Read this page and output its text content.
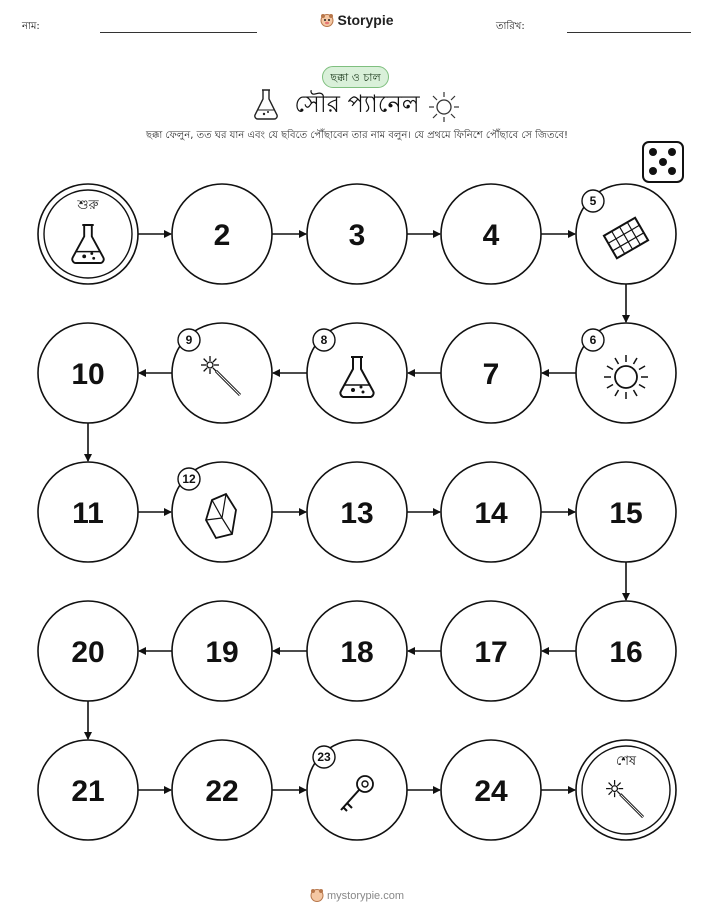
নাম:	Storypie	তারিখ:
ছক্কা ও চাল
সৌর প্যানেল
ছক্কা ফেলুন, তত ঘর যান এবং যে ছবিতে পৌঁছাবেন তার নাম বলুন। যে প্রথমে ফিনিশে পৌঁছাবে সে জিতবে!
শুরু
2	3	4
5
6
7
8
9
10
11
12
13	14	15
16
17
18
19
20
21	22
23
24
শেষ
mystorypie.com
